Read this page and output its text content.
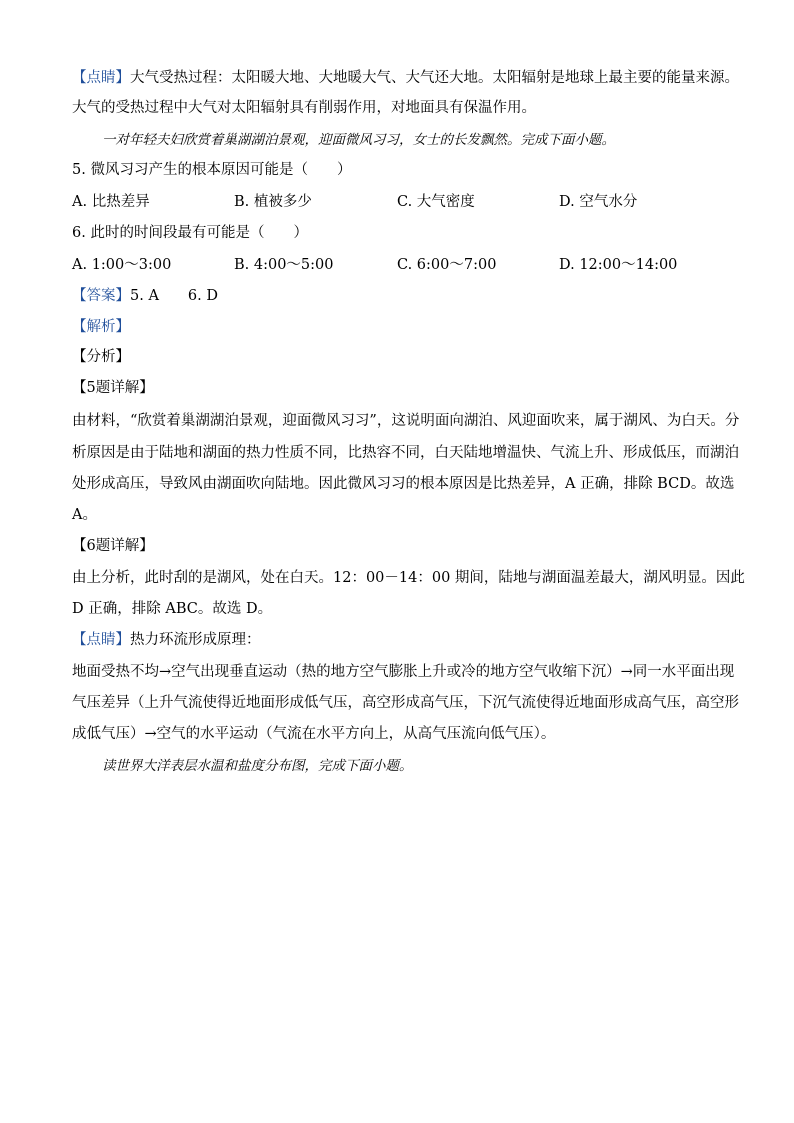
【点睛】大气受热过程：太阳暖大地、大地暖大气、大气还大地。太阳辐射是地球上最主要的能量来源。
大气的受热过程中大气对太阳辐射具有削弱作用，对地面具有保温作用。
一对年轻夫妇欣赏着巢湖湖泊景观，迎面微风习习，女士的长发飘然。完成下面小题。
5. 微风习习产生的根本原因可能是（　　）
A. 比热差异	B. 植被多少	C. 大气密度	D. 空气水分
6. 此时的时间段最有可能是（　　）
A. 1:00～3:00	B. 4:00～5:00	C. 6:00～7:00	D. 12:00～14:00
【答案】5. A　　6. D
【解析】
【分析】
【5题详解】
由材料，“欣赏着巢湖湖泊景观，迎面微风习习”，这说明面向湖泊、风迎面吹来，属于湖风、为白天。分
析原因是由于陆地和湖面的热力性质不同，比热容不同，白天陆地增温快、气流上升、形成低压，而湖泊
处形成高压，导致风由湖面吹向陆地。因此微风习习的根本原因是比热差异，A 正确，排除 BCD。故选
A。
【6题详解】
由上分析，此时刮的是湖风，处在白天。12：00－14：00 期间，陆地与湖面温差最大，湖风明显。因此
D 正确，排除 ABC。故选 D。
【点睛】热力环流形成原理：
地面受热不均→空气出现垂直运动（热的地方空气膨胀上升或冷的地方空气收缩下沉）→同一水平面出现
气压差异（上升气流使得近地面形成低气压，高空形成高气压，下沉气流使得近地面形成高气压，高空形
成低气压）→空气的水平运动（气流在水平方向上，从高气压流向低气压）。
读世界大洋表层水温和盐度分布图，完成下面小题。
